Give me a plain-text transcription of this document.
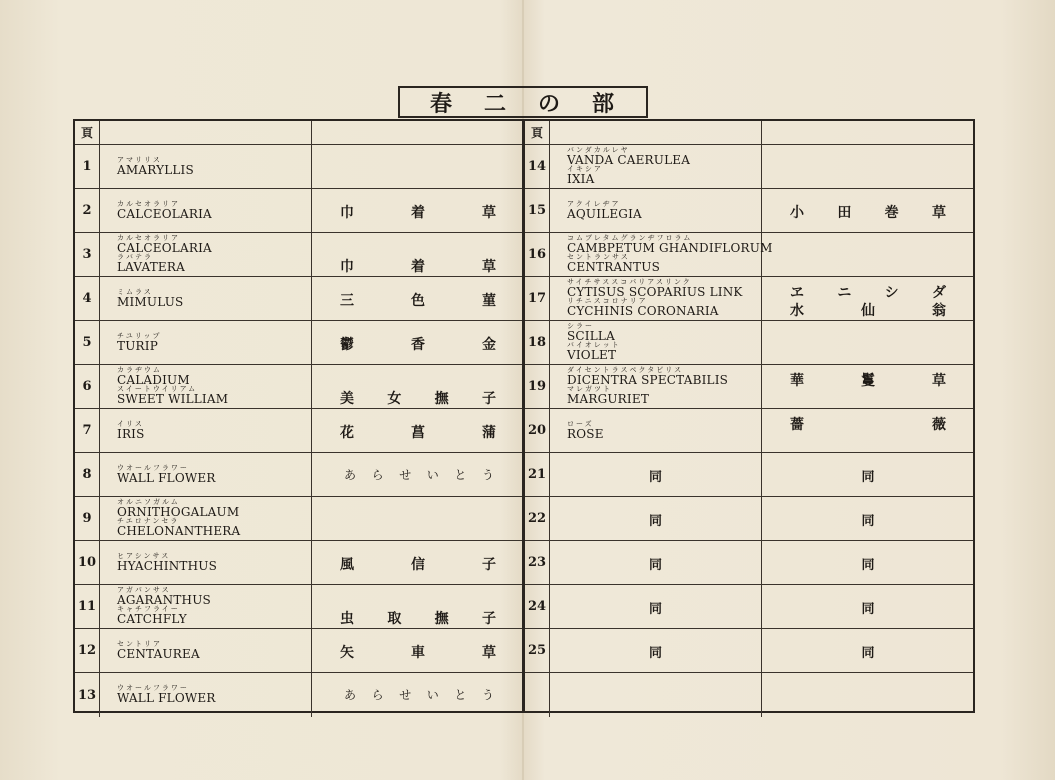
春 二 の 部
頁
1	アマリリス
AMARYLLIS
2	カルセオラリア
CALCEOLARIA	巾	着	草
3
カルセオラリア
CALCEOLARIA
ラバテラ
LAVATERA	巾	着	草
4	ミムラス
MIMULUS	三	色	菫
5	チユリップ
TURIP	鬱	香	金
6
カラヂウム
CALADIUM
スイートウイリアム
SWEET WILLIAM	美 女 撫 子
7	イリス
IRIS	花	菖	蒲
8	ウオールフラワー
WALL FLOWER	あ ら せ い と う
9
オルニソガルム
ORNITHOGALAUM
チエロナンセラ
CHELONANTHERA
10	ヒアシンサス
HYACHINTHUS	風	信	子
11
アガパンサス
AGARANTHUS
キャチフライー
CATCHFLY	虫 取 撫 子
12	セントリア
CENTAUREA	矢	車	草
13	ウオールフラワー
WALL FLOWER	あ ら せ い と う
頁
14
バンダカルレヤ
VANDA CAERULEA
イキシア
IXIA
15	アクイレヂア
AQUILEGIA	小 田 巻 草
16
コムブレタムグランヂフロラム
CAMBPETUM GHANDIFLORUM
セントランサス
CENTRANTUS
17
サイチサススコパリアスリンク
CYTISUS SCOPARIUS LINK
リチニスコロナリア
CYCHINIS CORONARIA
ヱ ニ シ ダ
水	仙	翁
18
シラー
SCILLA
バイオレット
VIOLET
19
ダイセントラスペクタビリス
DICENTRA SPECTABILIS
マレガツト
MARGURIET
華	鬘	草
20	ローズ
ROSE
薔	薇
21	同	同
22	同	同
23	同	同
24	同	同
25	同	同
